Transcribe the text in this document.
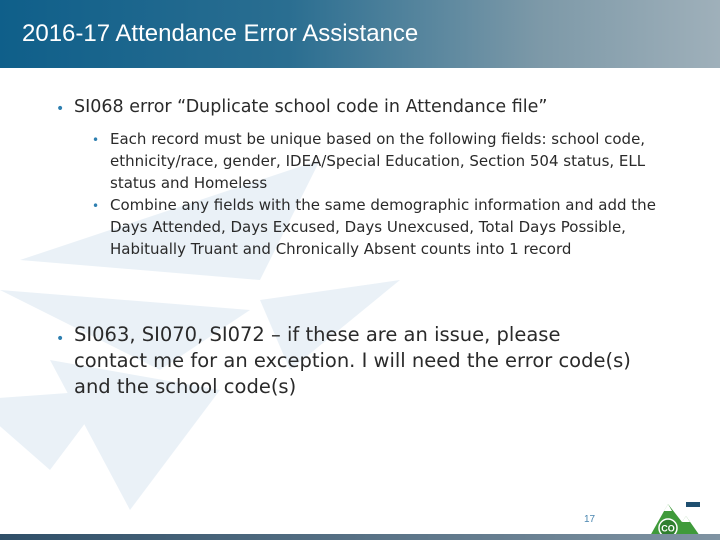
2016-17 Attendance Error Assistance
• SI068 error “Duplicate school code in Attendance file”
• Each record must be unique based on the following fields: school code, ethnicity/race, gender, IDEA/Special Education, Section 504 status, ELL status and Homeless
• Combine any fields with the same demographic information and add the Days Attended, Days Excused, Days Unexcused, Total Days Possible, Habitually Truant and Chronically Absent counts into 1 record
• SI063, SI070, SI072 – if these are an issue, please contact me for an exception. I will need the error code(s) and the school code(s)
17
CO
